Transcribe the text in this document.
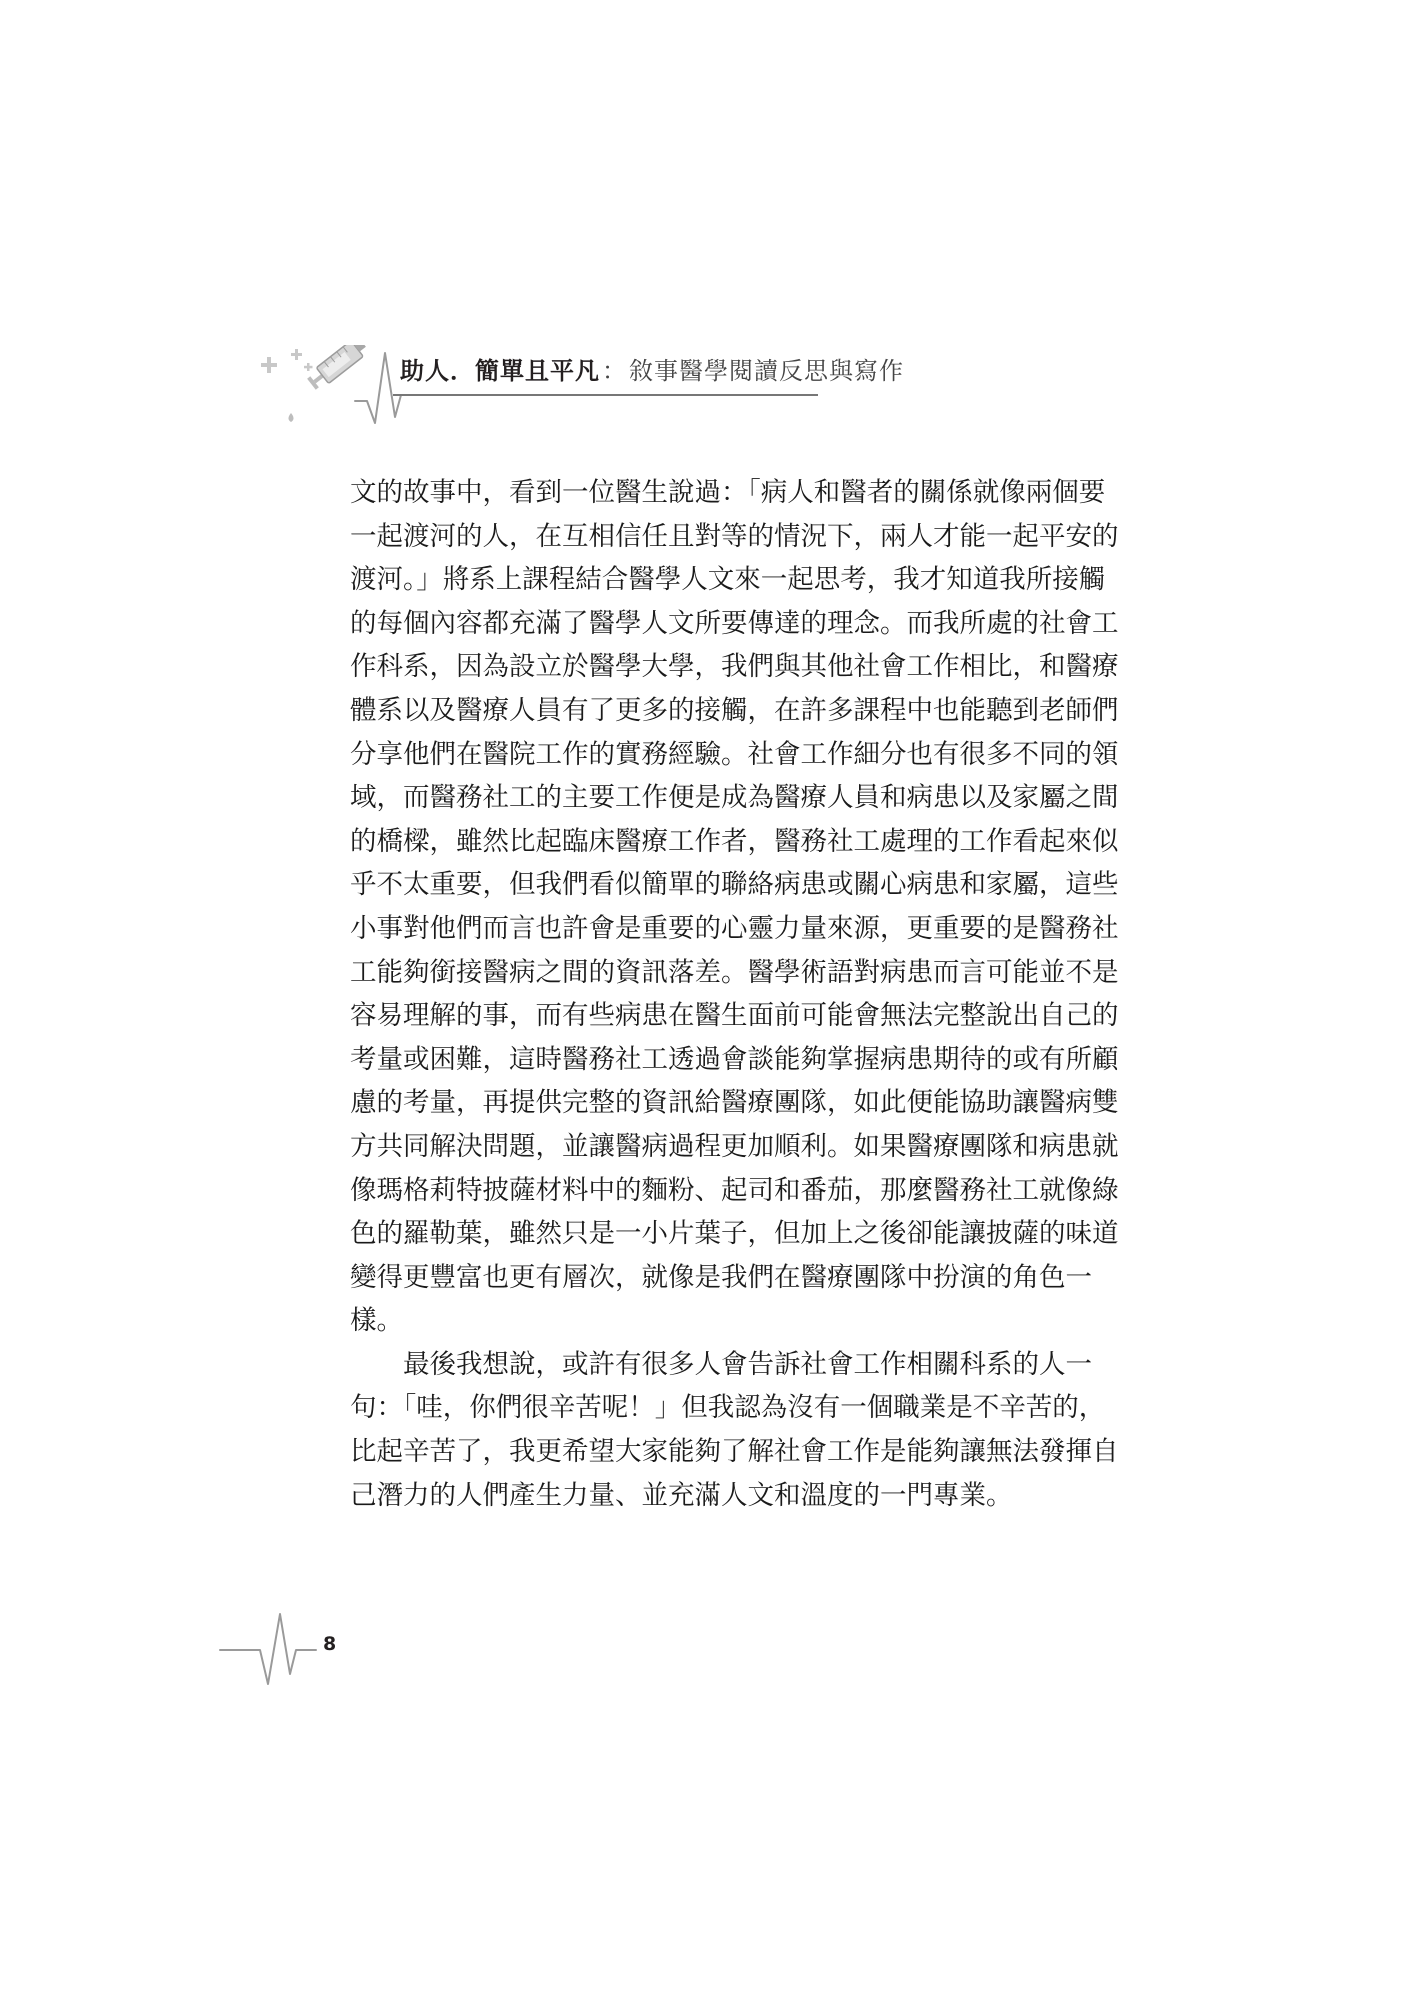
助人．簡單且平凡：敘事醫學閱讀反思與寫作

文的故事中，看到一位醫生說過：「病人和醫者的關係就像兩個要
一起渡河的人，在互相信任且對等的情況下，兩人才能一起平安的
渡河。」將系上課程結合醫學人文來一起思考，我才知道我所接觸
的每個內容都充滿了醫學人文所要傳達的理念。而我所處的社會工
作科系，因為設立於醫學大學，我們與其他社會工作相比，和醫療
體系以及醫療人員有了更多的接觸，在許多課程中也能聽到老師們
分享他們在醫院工作的實務經驗。社會工作細分也有很多不同的領
域，而醫務社工的主要工作便是成為醫療人員和病患以及家屬之間
的橋樑，雖然比起臨床醫療工作者，醫務社工處理的工作看起來似
乎不太重要，但我們看似簡單的聯絡病患或關心病患和家屬，這些
小事對他們而言也許會是重要的心靈力量來源，更重要的是醫務社
工能夠銜接醫病之間的資訊落差。醫學術語對病患而言可能並不是
容易理解的事，而有些病患在醫生面前可能會無法完整說出自己的
考量或困難，這時醫務社工透過會談能夠掌握病患期待的或有所顧
慮的考量，再提供完整的資訊給醫療團隊，如此便能協助讓醫病雙
方共同解決問題，並讓醫病過程更加順利。如果醫療團隊和病患就
像瑪格莉特披薩材料中的麵粉、起司和番茄，那麼醫務社工就像綠
色的羅勒葉，雖然只是一小片葉子，但加上之後卻能讓披薩的味道
變得更豐富也更有層次，就像是我們在醫療團隊中扮演的角色一
樣。

最後我想說，或許有很多人會告訴社會工作相關科系的人一
句：「哇，你們很辛苦呢！」但我認為沒有一個職業是不辛苦的，
比起辛苦了，我更希望大家能夠了解社會工作是能夠讓無法發揮自
己潛力的人們產生力量、並充滿人文和溫度的一門專業。

8
